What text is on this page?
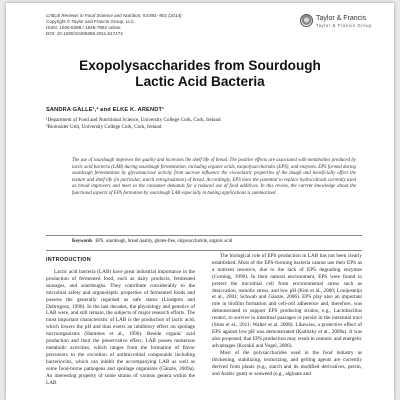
Critical Reviews in Food Science and Nutrition, 54:891–901 (2014)
Copyright © Taylor and Francis Group, LLC
ISSN: 1040-8398 / 1549-7852 online
DOI: 10.1080/10408398.2011.617474
Taylor & Francis
Taylor & Francis Group
Exopolysaccharides from Sourdough
Lactic Acid Bacteria
SANDRA GALLE¹,² and ELKE K. ARENDT¹
¹Department of Food and Nutritional Science, University College Cork, Cork, Ireland
²Bioinsider Unit, University College Cork, Cork, Ireland

The use of sourdough improves the quality and increases the shelf life of bread. The positive effects are associated with metabolites produced by lactic acid bacteria (LAB) during sourdough fermentation, including organic acids, exopolysaccharides (EPS), and enzymes. EPS formed during sourdough fermentation by glycansucrase activity from sucrose influence the viscoelastic properties of the dough and beneficially affect the texture and shelf life (in particular, starch retrogradation) of bread. Accordingly, EPS have the potential to replace hydrocolloids currently used as bread improvers and meet so the consumer demands for a reduced use of food additives. In this review, the current knowledge about the functional aspects of EPS formation by sourdough LAB especially in baking applications is summarized.

Keywords EPS, sourdough, bread quality, gluten-free, oligosaccharide, organic acid
INTRODUCTION

Lactic acid bacteria (LAB) have great industrial importance in the production of fermented food, such as dairy products, fermented sausages, and sourdoughs. They contribute considerably to the microbial safety and organoleptic properties of fermented foods and possess the generally regarded as safe status (Lindgren and Dobrogosz, 1990). In the last decades, the physiology and genetics of LAB were, and still remain, the subjects of major research efforts. The most important characteristic of LAB is the production of lactic acid, which lowers the pH and thus exerts an inhibitory effect on spoilage microorganisms (Hammes et al., 1996). Beside organic acid production and their the preservative effect, LAB posses numerous metabolic activities, which ranges from the formation of flavor precursors to the excretion of antimicrobial compounds including bacteriocins, which can inhibit the accompanying LAB as well as some food-borne pathogens and spoilage organisms (Gänzle, 2009a). An interesting property of some strains of various genera within the LAB

The biological role of EPS production in LAB has not been clearly established. Most of the EPS-forming bacteria cannot use their EPS as a nutrient resource, due to the lack of EPS degrading enzymes (Cerning, 1990). In their natural environment, EPS were found to protect the microbial cell from environmental stress such as desiccation, osmotic stress, and low pH (Kim et al., 2000; Looijesteijn et al., 2001; Schwab and Gänzle, 2006). EPS play also an important role in biofilm formation and cell-cell adherence and, therefore, was demonstrated to support EPS producing strains, e.g., Lactobacillus reuteri, to survive in intestinal passages or persist in the intestinal tract (Sims et al., 2011; Walter et al. 2008). Likewise, a protective effect of EPS against low pH was demonstrated (Kaditzky et al., 2008a). It was also proposed, that EPS production may result in osmotic and energetic advantages (Korakli and Vogel, 2006).

Most of the polysaccharides used in the food industry as thickening, stabilizing, texturizing, and gelling agents are currently derived from plants (e.g., starch and its modified derivatives, pectin, and Arabic gum) or seaweed (e.g., alginate and
